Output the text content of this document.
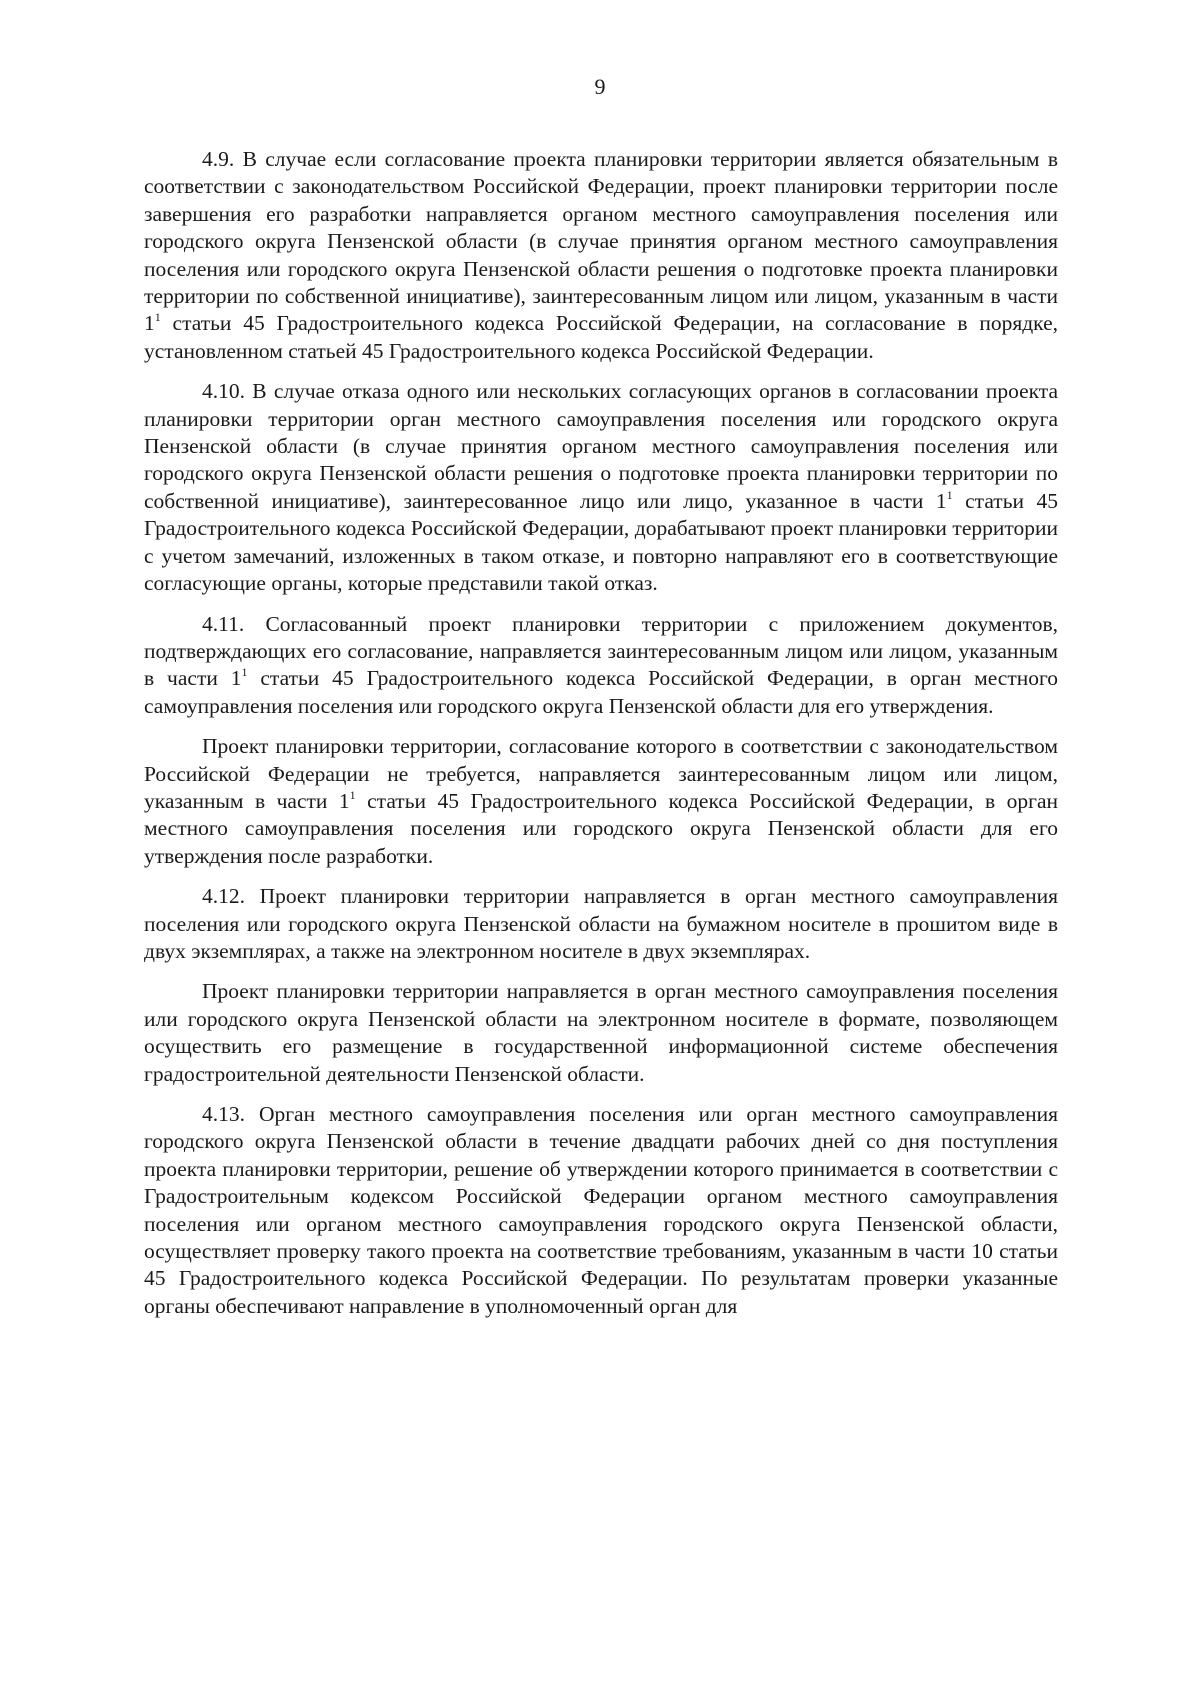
9

4.9. В случае если согласование проекта планировки территории является обязательным в соответствии с законодательством Российской Федерации, проект планировки территории после завершения его разработки направляется органом местного самоуправления поселения или городского округа Пензенской области (в случае принятия органом местного самоуправления поселения или городского округа Пензенской области решения о подготовке проекта планировки территории по собственной инициативе), заинтересованным лицом или лицом, указанным в части $1^1$ статьи 45 Градостроительного кодекса Российской Федерации, на согласование в порядке, установленном статьей 45 Градостроительного кодекса Российской Федерации.

4.10. В случае отказа одного или нескольких согласующих органов в согласовании проекта планировки территории орган местного самоуправления поселения или городского округа Пензенской области (в случае принятия органом местного самоуправления поселения или городского округа Пензенской области решения о подготовке проекта планировки территории по собственной инициативе), заинтересованное лицо или лицо, указанное в части $1^1$ статьи 45 Градостроительного кодекса Российской Федерации, дорабатывают проект планировки территории с учетом замечаний, изложенных в таком отказе, и повторно направляют его в соответствующие согласующие органы, которые представили такой отказ.

4.11. Согласованный проект планировки территории с приложением документов, подтверждающих его согласование, направляется заинтересованным лицом или лицом, указанным в части $1^1$ статьи 45 Градостроительного кодекса Российской Федерации, в орган местного самоуправления поселения или городского округа Пензенской области для его утверждения.

Проект планировки территории, согласование которого в соответствии с законодательством Российской Федерации не требуется, направляется заинтересованным лицом или лицом, указанным в части $1^1$ статьи 45 Градостроительного кодекса Российской Федерации, в орган местного самоуправления поселения или городского округа Пензенской области для его утверждения после разработки.

4.12. Проект планировки территории направляется в орган местного самоуправления поселения или городского округа Пензенской области на бумажном носителе в прошитом виде в двух экземплярах, а также на электронном носителе в двух экземплярах.

Проект планировки территории направляется в орган местного самоуправления поселения или городского округа Пензенской области на электронном носителе в формате, позволяющем осуществить его размещение в государственной информационной системе обеспечения градостроительной деятельности Пензенской области.

4.13. Орган местного самоуправления поселения или орган местного самоуправления городского округа Пензенской области в течение двадцати рабочих дней со дня поступления проекта планировки территории, решение об утверждении которого принимается в соответствии с Градостроительным кодексом Российской Федерации органом местного самоуправления поселения или органом местного самоуправления городского округа Пензенской области, осуществляет проверку такого проекта на соответствие требованиям, указанным в части 10 статьи 45 Градостроительного кодекса Российской Федерации. По результатам проверки указанные органы обеспечивают направление в уполномоченный орган для
